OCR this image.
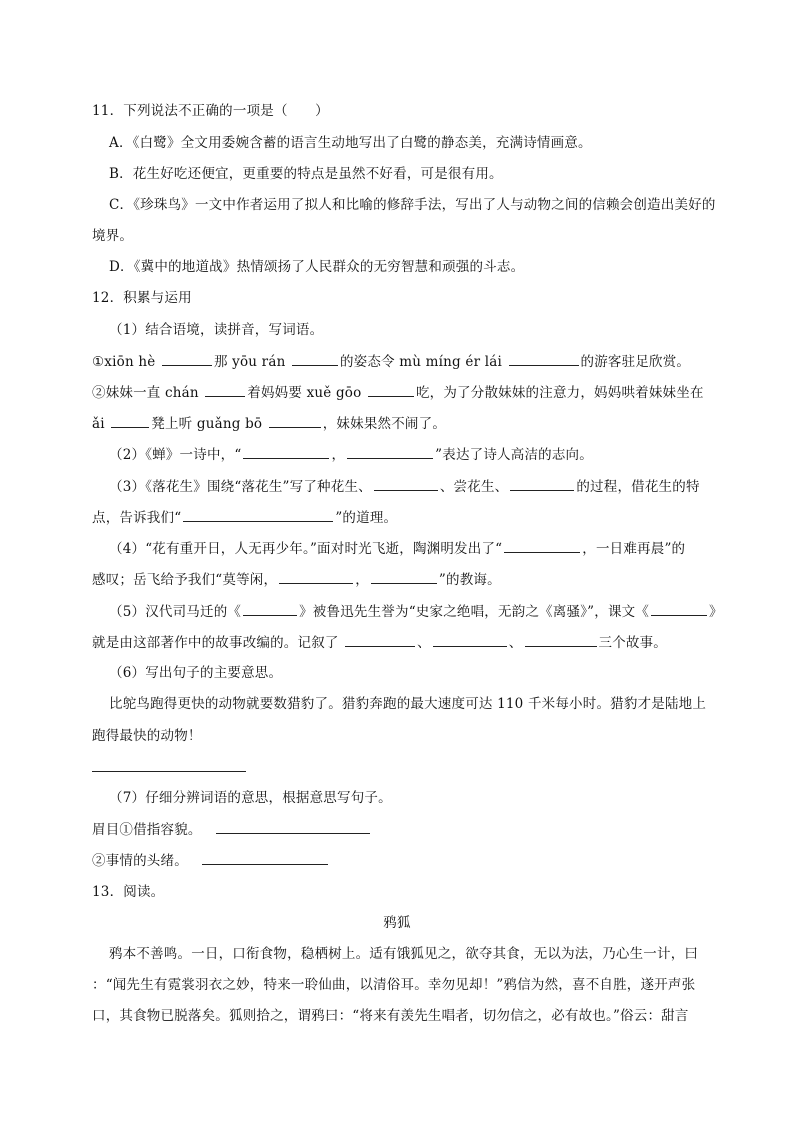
11．下列说法不正确的一项是（　　）
A．《白鹭》全文用委婉含蓄的语言生动地写出了白鹭的静态美，充满诗情画意。
B．花生好吃还便宜，更重要的特点是虽然不好看，可是很有用。
C．《珍珠鸟》一文中作者运用了拟人和比喻的修辞手法，写出了人与动物之间的信赖会创造出美好的
境界。
D．《冀中的地道战》热情颂扬了人民群众的无穷智慧和顽强的斗志。
12．积累与运用
（1）结合语境，读拼音，写词语。
①xiōn hè	那 yōu rán	的姿态令 mù míng ér lái	的游客驻足欣赏。
②妹妹一直 chán	着妈妈要 xuě gōo	吃，为了分散妹妹的注意力，妈妈哄着妹妹坐在
ǎi	凳上听 guǎng bō	，妹妹果然不闹了。
（2）《蝉》一诗中，“	，	”表达了诗人高洁的志向。
（3）《落花生》围绕“落花生”写了种花生、	、尝花生、	的过程，借花生的特
点，告诉我们“	”的道理。
（4）“花有重开日，人无再少年。”面对时光飞逝，陶渊明发出了“	，一日难再晨”的
感叹；岳飞给予我们“莫等闲，	，	”的教诲。
（5）汉代司马迁的《	》被鲁迅先生誉为“史家之绝唱，无韵之《离骚》”，课文《	》
就是由这部著作中的故事改编的。记叙了	、	、	三个故事。
（6）写出句子的主要意思。
比鸵鸟跑得更快的动物就要数猎豹了。猎豹奔跑的最大速度可达 110 千米每小时。猎豹才是陆地上
跑得最快的动物！
（7）仔细分辨词语的意思，根据意思写句子。
眉目①借指容貌。
②事情的头绪。
13．阅读。
鸦狐
鸦本不善鸣。一日，口衔食物，稳栖树上。适有饿狐见之，欲夺其食，无以为法，乃心生一计，曰
：“闻先生有霓裳羽衣之妙，特来一聆仙曲，以清俗耳。幸勿见却！”鸦信为然，喜不自胜，遂开声张
口，其食物已脱落矣。狐则拾之，谓鸦曰：“将来有羡先生唱者，切勿信之，必有故也。”俗云：甜言
